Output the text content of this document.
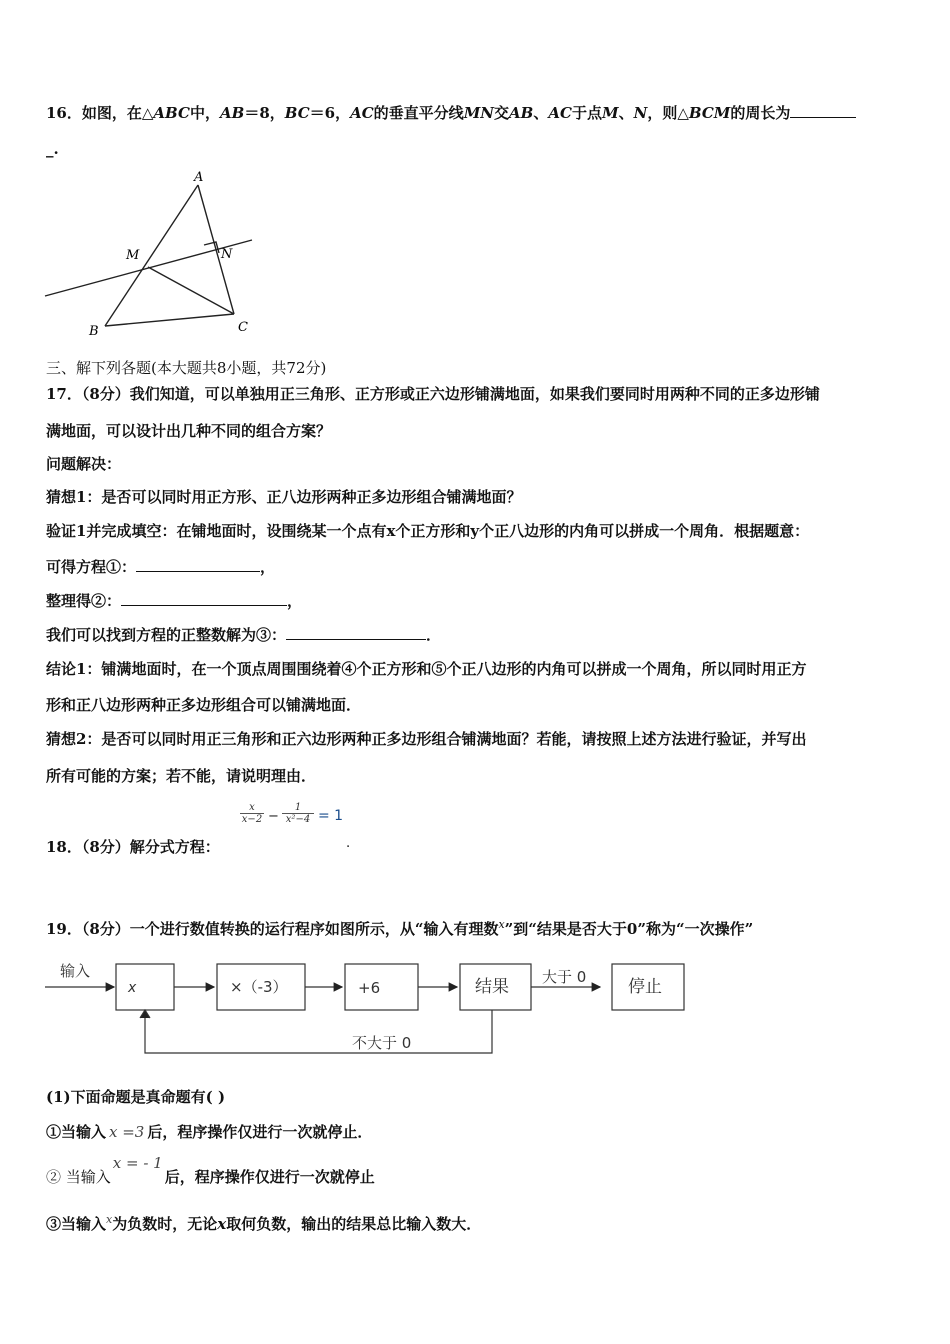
16．如图，在△ABC中，AB＝8，BC＝6，AC的垂直平分线MN交AB、AC于点M、N，则△BCM的周长为
_.
A
B	C
M	N
三、解下列各题(本大题共8小题，共72分)
17．（8分）我们知道，可以单独用正三角形、正方形或正六边形铺满地面，如果我们要同时用两种不同的正多边形铺
满地面，可以设计出几种不同的组合方案？
问题解决：
猜想1：是否可以同时用正方形、正八边形两种正多边形组合铺满地面？
验证1并完成填空：在铺地面时，设围绕某一个点有x个正方形和y个正八边形的内角可以拼成一个周角．根据题意：
可得方程①：	，
整理得②：	，
我们可以找到方程的正整数解为③：	．
结论1：铺满地面时，在一个顶点周围围绕着④个正方形和⑤个正八边形的内角可以拼成一个周角，所以同时用正方
形和正八边形两种正多边形组合可以铺满地面．
猜想2：是否可以同时用正三角形和正六边形两种正多边形组合铺满地面？若能，请按照上述方法进行验证，并写出
所有可能的方案；若不能，请说明理由．
18．（8分）解分式方程：
$\frac{x}{x-2} - \frac{1}{\text{x²−4}} = 1$
.
19．（8分）一个进行数值转换的运行程序如图所示，从“输入有理数$^x$”到“结果是否大于0”称为“一次操作”
输入
x	×（-3）	+6	结果 大于 0 停止
不大于 0
(1)下面命题是真命题有( )
①当输入 x =3 后，程序操作仅进行一次就停止．
② 当输入x = - 1后，程序操作仅进行一次就停止
③当输入$^x$为负数时，无论x取何负数，输出的结果总比输入数大．
